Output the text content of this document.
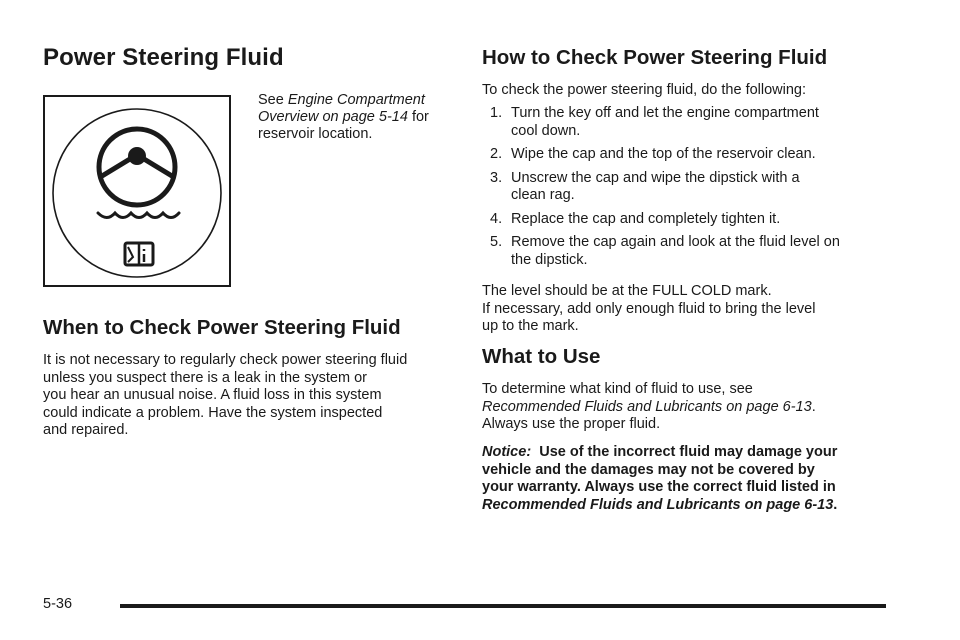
Power Steering Fluid
See Engine Compartment
Overview on page 5-14 for
reservoir location.
When to Check Power Steering Fluid

It is not necessary to regularly check power steering fluid
unless you suspect there is a leak in the system or
you hear an unusual noise. A fluid loss in this system
could indicate a problem. Have the system inspected
and repaired.

How to Check Power Steering Fluid

To check the power steering fluid, do the following:

1. Turn the key off and let the engine compartment
cool down.
2. Wipe the cap and the top of the reservoir clean.
3. Unscrew the cap and wipe the dipstick with a
clean rag.
4. Replace the cap and completely tighten it.
5. Remove the cap again and look at the fluid level on
the dipstick.

The level should be at the FULL COLD mark.
If necessary, add only enough fluid to bring the level
up to the mark.

What to Use

To determine what kind of fluid to use, see
Recommended Fluids and Lubricants on page 6-13.
Always use the proper fluid.

Notice: Use of the incorrect fluid may damage your
vehicle and the damages may not be covered by
your warranty. Always use the correct fluid listed in
Recommended Fluids and Lubricants on page 6-13.
5-36
